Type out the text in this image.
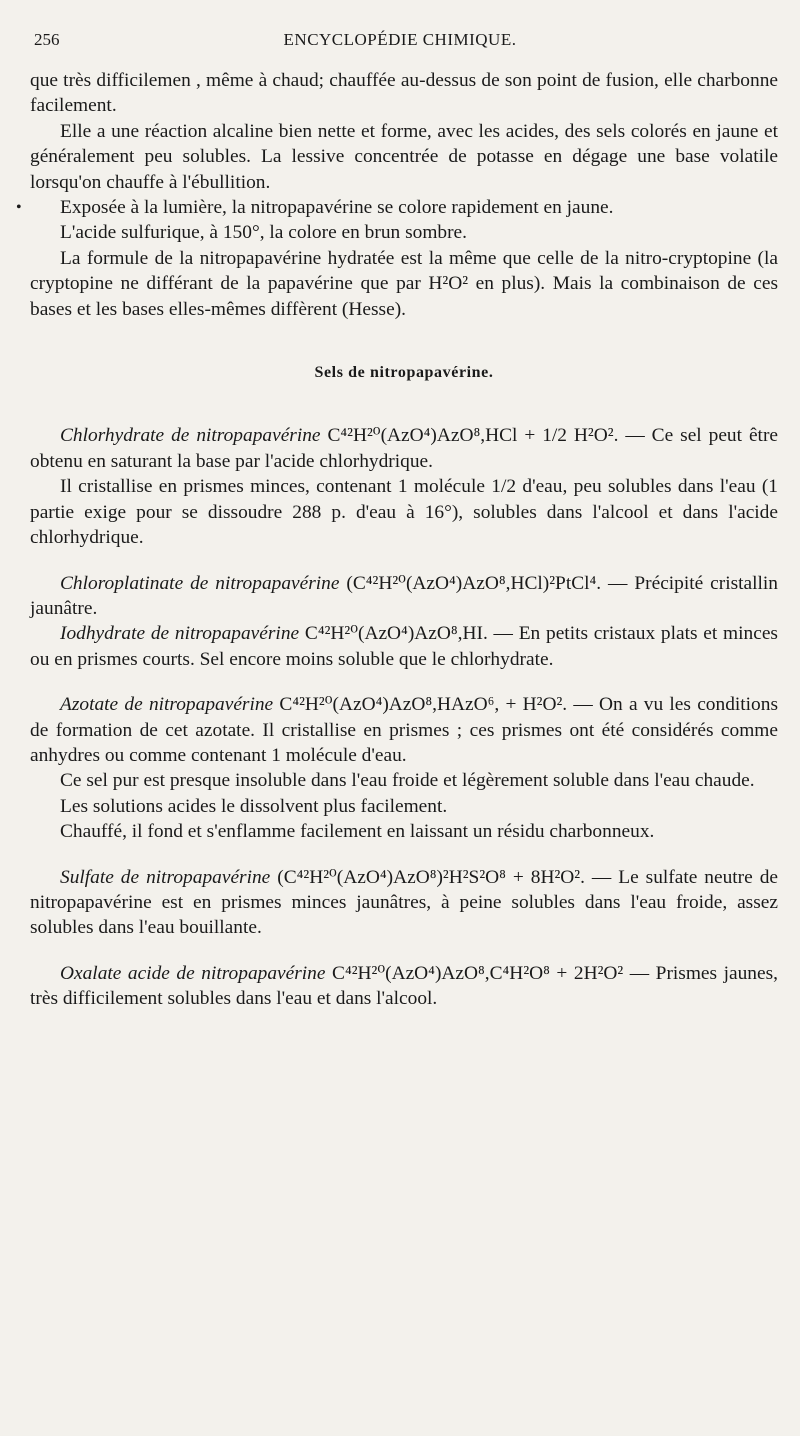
256	ENCYCLOPÉDIE CHIMIQUE.

que très difficilemen , même à chaud; chauffée au-dessus de son point de fusion, elle charbonne facilement.

Elle a une réaction alcaline bien nette et forme, avec les acides, des sels colorés en jaune et généralement peu solubles. La lessive concentrée de potasse en dégage une base volatile lorsqu'on chauffe à l'ébullition.

• Exposée à la lumière, la nitropapavérine se colore rapidement en jaune.

L'acide sulfurique, à 150°, la colore en brun sombre.

La formule de la nitropapavérine hydratée est la même que celle de la nitro-cryptopine (la cryptopine ne différant de la papavérine que par H²O² en plus). Mais la combinaison de ces bases et les bases elles-mêmes diffèrent (Hesse).

Sels de nitropapavérine.

Chlorhydrate de nitropapavérine C⁴²H²⁰(AzO⁴)AzO⁸,HCl + 1/2 H²O². — Ce sel peut être obtenu en saturant la base par l'acide chlorhydrique.

Il cristallise en prismes minces, contenant 1 molécule 1/2 d'eau, peu solubles dans l'eau (1 partie exige pour se dissoudre 288 p. d'eau à 16°), solubles dans l'alcool et dans l'acide chlorhydrique.

Chloroplatinate de nitropapavérine (C⁴²H²⁰(AzO⁴)AzO⁸,HCl)²PtCl⁴. — Précipité cristallin jaunâtre.

Iodhydrate de nitropapavérine C⁴²H²⁰(AzO⁴)AzO⁸,HI. — En petits cristaux plats et minces ou en prismes courts. Sel encore moins soluble que le chlorhydrate.

Azotate de nitropapavérine C⁴²H²⁰(AzO⁴)AzO⁸,HAzO⁶, + H²O². — On a vu les conditions de formation de cet azotate. Il cristallise en prismes ; ces prismes ont été considérés comme anhydres ou comme contenant 1 molécule d'eau.

Ce sel pur est presque insoluble dans l'eau froide et légèrement soluble dans l'eau chaude.

Les solutions acides le dissolvent plus facilement.

Chauffé, il fond et s'enflamme facilement en laissant un résidu charbonneux.

Sulfate de nitropapavérine (C⁴²H²⁰(AzO⁴)AzO⁸)²H²S²O⁸ + 8H²O². — Le sulfate neutre de nitropapavérine est en prismes minces jaunâtres, à peine solubles dans l'eau froide, assez solubles dans l'eau bouillante.

Oxalate acide de nitropapavérine C⁴²H²⁰(AzO⁴)AzO⁸,C⁴H²O⁸ + 2H²O² — Prismes jaunes, très difficilement solubles dans l'eau et dans l'alcool.
